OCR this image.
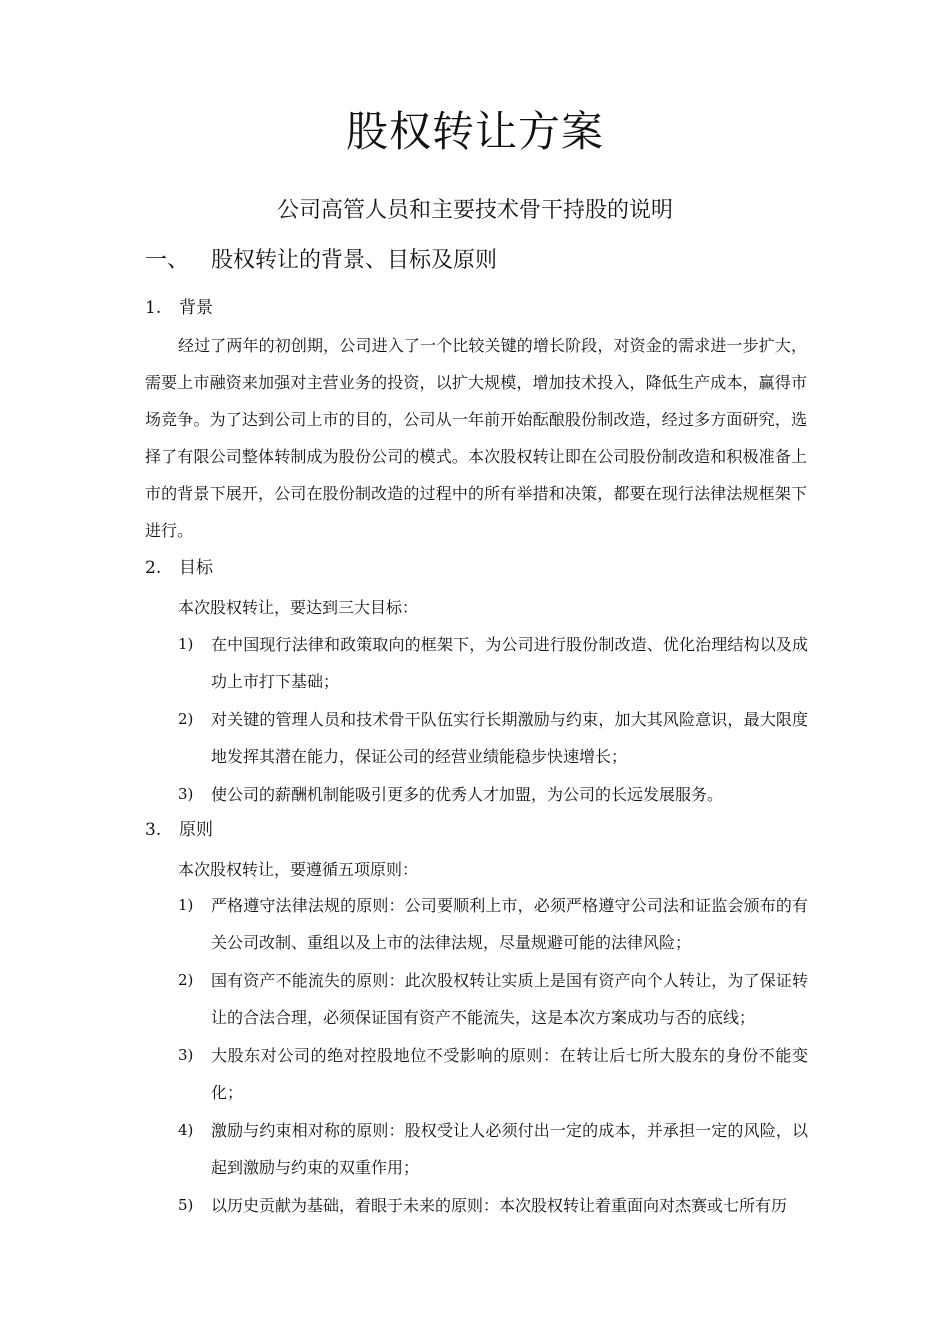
股权转让方案
公司高管人员和主要技术骨干持股的说明
一、 股权转让的背景、目标及原则
1. 背景
经过了两年的初创期，公司进入了一个比较关键的增长阶段，对资金的需求进一步扩大，需要上市融资来加强对主营业务的投资，以扩大规模，增加技术投入，降低生产成本，赢得市场竞争。为了达到公司上市的目的，公司从一年前开始酝酿股份制改造，经过多方面研究，选择了有限公司整体转制成为股份公司的模式。本次股权转让即在公司股份制改造和积极准备上市的背景下展开，公司在股份制改造的过程中的所有举措和决策，都要在现行法律法规框架下进行。
2. 目标
本次股权转让，要达到三大目标：
1) 在中国现行法律和政策取向的框架下，为公司进行股份制改造、优化治理结构以及成功上市打下基础；
2) 对关键的管理人员和技术骨干队伍实行长期激励与约束，加大其风险意识，最大限度地发挥其潜在能力，保证公司的经营业绩能稳步快速增长；
3) 使公司的薪酬机制能吸引更多的优秀人才加盟，为公司的长远发展服务。
3. 原则
本次股权转让，要遵循五项原则：
1) 严格遵守法律法规的原则：公司要顺利上市，必须严格遵守公司法和证监会颁布的有关公司改制、重组以及上市的法律法规，尽量规避可能的法律风险；
2) 国有资产不能流失的原则：此次股权转让实质上是国有资产向个人转让，为了保证转让的合法合理，必须保证国有资产不能流失，这是本次方案成功与否的底线；
3) 大股东对公司的绝对控股地位不受影响的原则：在转让后七所大股东的身份不能变化；
4) 激励与约束相对称的原则：股权受让人必须付出一定的成本，并承担一定的风险，以起到激励与约束的双重作用；
5) 以历史贡献为基础，着眼于未来的原则：本次股权转让着重面向对杰赛或七所有历
